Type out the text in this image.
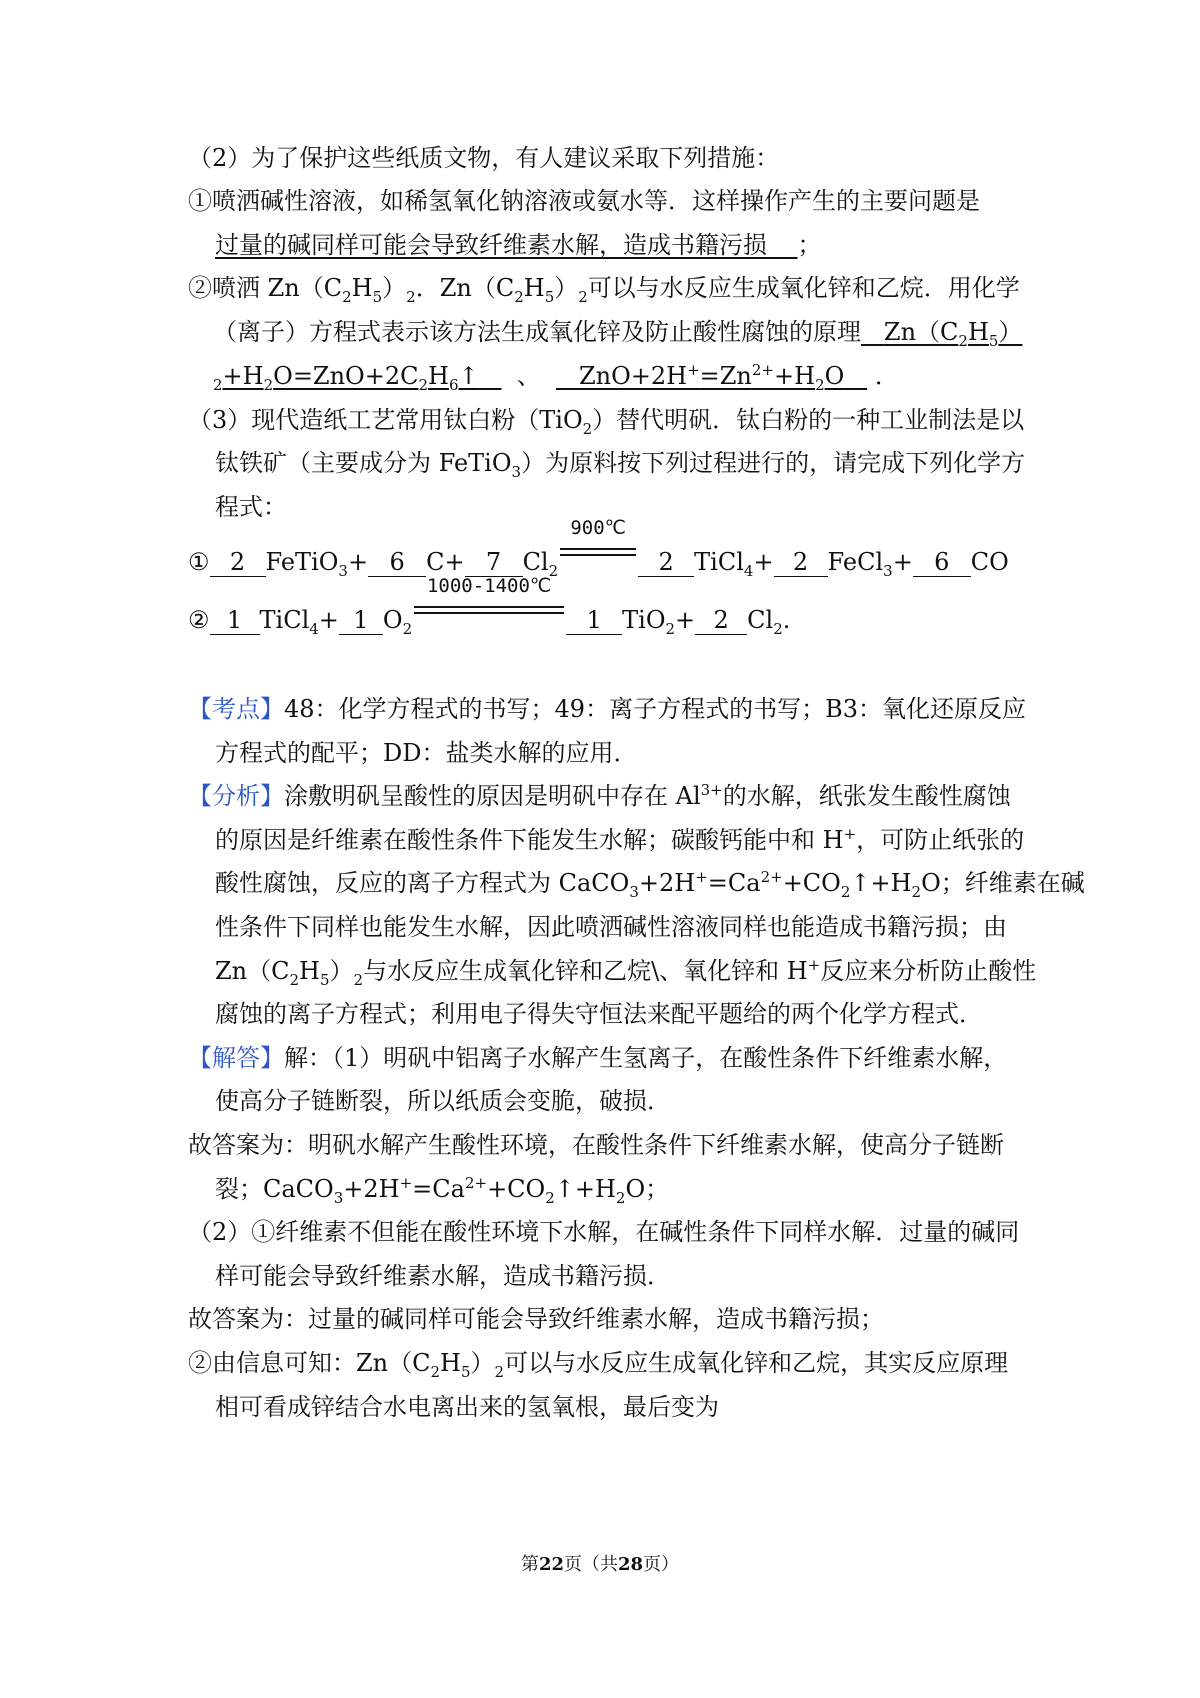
（2）为了保护这些纸质文物，有人建议采取下列措施：
①喷洒碱性溶液，如稀氢氧化钠溶液或氨水等．这样操作产生的主要问题是
过量的碱同样可能会导致纤维素水解，造成书籍污损 ；
②喷洒 $Zn(C_2H_5)_2$．$Zn(C_2H_5)_2$可以与水反应生成氧化锌和乙烷．用化学
（离子）方程式表示该方法生成氧化锌及防止酸性腐蚀的原理 $Zn(C_2H_5)$
$_2+H_2O=ZnO+2C_2H_6↑$ 、 $ZnO+2H^+=Zn^{2+}+H_2O$    ．
（3）现代造纸工艺常用钛白粉（TiO$_2$）替代明矾．钛白粉的一种工业制法是以
钛铁矿（主要成分为 FeTiO$_3$）为原料按下列过程进行的，请完成下列化学方
程式：
① 2 FeTiO$_3$+ 6 C+ 7 $Cl_2$
900℃
2 TiCl$_4$+ 2 FeCl$_3$+ 6 CO
② 1 TiCl$_4$+ 1 $O_2$
1000-1400℃
1 TiO$_2$+ 2 $Cl_2$.
【考点】48：化学方程式的书写；49：离子方程式的书写；B3：氧化还原反应
方程式的配平；DD：盐类水解的应用．
【分析】涂敷明矾呈酸性的原因是明矾中存在 $Al^{3+}$的水解，纸张发生酸性腐蚀
的原因是纤维素在酸性条件下能发生水解；碳酸钙能中和 H+，可防止纸张的
酸性腐蚀，反应的离子方程式为 $CaCO_3+2H^+=Ca^{2+}+CO_2↑+H_2O$；纤维素在碱
性条件下同样也能发生水解，因此喷洒碱性溶液同样也能造成书籍污损；由
$Zn(C_2H_5)_2$与水反应生成氧化锌和乙烷\、氧化锌和 H+反应来分析防止酸性
腐蚀的离子方程式；利用电子得失守恒法来配平题给的两个化学方程式．
【解答】解：（1）明矾中铝离子水解产生氢离子，在酸性条件下纤维素水解，
使高分子链断裂，所以纸质会变脆，破损．
故答案为：明矾水解产生酸性环境，在酸性条件下纤维素水解，使高分子链断
裂；$CaCO_3+2H^+=Ca^{2+}+CO_2↑+H_2O$；
（2）①纤维素不但能在酸性环境下水解，在碱性条件下同样水解．过量的碱同
样可能会导致纤维素水解，造成书籍污损．
故答案为：过量的碱同样可能会导致纤维素水解，造成书籍污损；
②由信息可知：$Zn(C_2H_5)_2$可以与水反应生成氧化锌和乙烷，其实反应原理
相可看成锌结合水电离出来的氢氧根，最后变为
第22页（共28页）
